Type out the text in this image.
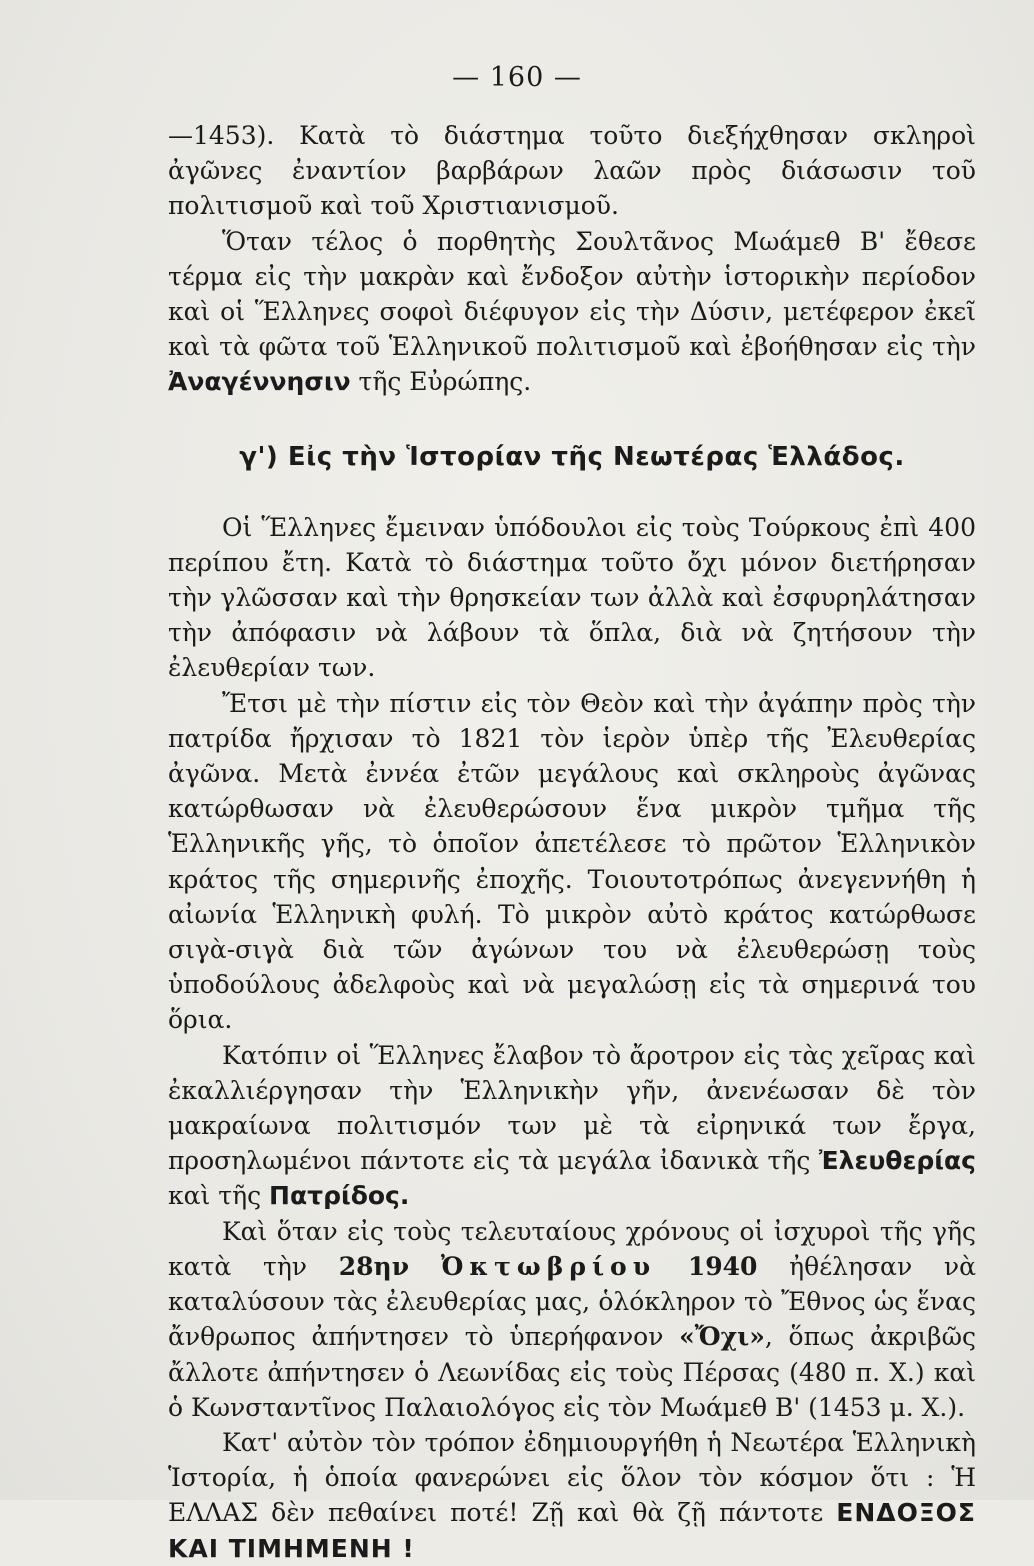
— 160 —

—1453). Κατὰ τὸ διάστημα τοῦτο διεξήχθησαν σκληροὶ ἀγῶνες ἐναντίον βαρβάρων λαῶν πρὸς διάσωσιν τοῦ πολιτισμοῦ καὶ τοῦ Χριστιανισμοῦ.

Ὅταν τέλος ὁ πορθητὴς Σουλτᾶνος Μωάμεθ Β' ἔθεσε τέρμα εἰς τὴν μακρὰν καὶ ἔνδοξον αὐτὴν ἱστορικὴν περίοδον καὶ οἱ Ἕλληνες σοφοὶ διέφυγον εἰς τὴν Δύσιν, μετέφερον ἐκεῖ καὶ τὰ φῶτα τοῦ Ἑλληνικοῦ πολιτισμοῦ καὶ ἐβοήθησαν εἰς τὴν Ἀναγέννησιν τῆς Εὐρώπης.

γ') Εἰς τὴν Ἱστορίαν τῆς Νεωτέρας Ἑλλάδος.

Οἱ Ἕλληνες ἔμειναν ὑπόδουλοι εἰς τοὺς Τούρκους ἐπὶ 400 περίπου ἔτη. Κατὰ τὸ διάστημα τοῦτο ὄχι μόνον διετήρησαν τὴν γλῶσσαν καὶ τὴν θρησκείαν των ἀλλὰ καὶ ἐσφυρηλάτησαν τὴν ἀπόφασιν νὰ λάβουν τὰ ὅπλα, διὰ νὰ ζητήσουν τὴν ἐλευθερίαν των.

Ἔτσι μὲ τὴν πίστιν εἰς τὸν Θεὸν καὶ τὴν ἀγάπην πρὸς τὴν πατρίδα ἤρχισαν τὸ 1821 τὸν ἱερὸν ὑπὲρ τῆς Ἐλευθερίας ἀγῶνα. Μετὰ ἐννέα ἐτῶν μεγάλους καὶ σκληροὺς ἀγῶνας κατώρθωσαν νὰ ἐλευθερώσουν ἕνα μικρὸν τμῆμα τῆς Ἑλληνικῆς γῆς, τὸ ὁποῖον ἀπετέλεσε τὸ πρῶτον Ἑλληνικὸν κράτος τῆς σημερινῆς ἐποχῆς. Τοιουτοτρόπως ἀνεγεννήθη ἡ αἰωνία Ἑλληνικὴ φυλή. Τὸ μικρὸν αὐτὸ κράτος κατώρθωσε σιγὰ-σιγὰ διὰ τῶν ἀγώνων του νὰ ἐλευθερώσῃ τοὺς ὑποδούλους ἀδελφοὺς καὶ νὰ μεγαλώσῃ εἰς τὰ σημερινά του ὅρια.

Κατόπιν οἱ Ἕλληνες ἔλαβον τὸ ἄροτρον εἰς τὰς χεῖρας καὶ ἐκαλλιέργησαν τὴν Ἑλληνικὴν γῆν, ἀνενέωσαν δὲ τὸν μακραίωνα πολιτισμόν των μὲ τὰ εἰρηνικά των ἔργα, προσηλωμένοι πάντοτε εἰς τὰ μεγάλα ἰδανικὰ τῆς Ἐλευθερίας καὶ τῆς Πατρίδος.

Καὶ ὅταν εἰς τοὺς τελευταίους χρόνους οἱ ἰσχυροὶ τῆς γῆς κατὰ τὴν 28ην Ὀκτωβρίου 1940 ἠθέλησαν νὰ καταλύσουν τὰς ἐλευθερίας μας, ὁλόκληρον τὸ Ἔθνος ὡς ἕνας ἄνθρωπος ἀπήντησεν τὸ ὑπερήφανον «Ὄχι», ὅπως ἀκριβῶς ἄλλοτε ἀπήντησεν ὁ Λεωνίδας εἰς τοὺς Πέρσας (480 π. Χ.) καὶ ὁ Κωνσταντῖνος Παλαιολόγος εἰς τὸν Μωάμεθ Β' (1453 μ. Χ.).

Κατ' αὐτὸν τὸν τρόπον ἐδημιουργήθη ἡ Νεωτέρα Ἑλληνικὴ Ἱστορία, ἡ ὁποία φανερώνει εἰς ὅλον τὸν κόσμον ὅτι : Ἡ ΕΛΛΑΣ δὲν πεθαίνει ποτέ! Ζῇ καὶ θὰ ζῇ πάντοτε ΕΝΔΟΞΟΣ ΚΑΙ ΤΙΜΗΜΕΝΗ !
